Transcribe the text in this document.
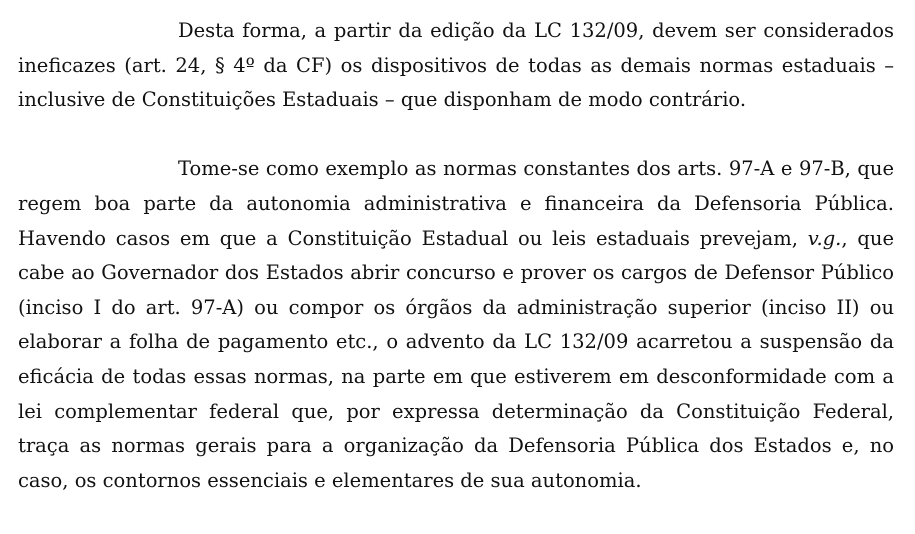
Desta forma, a partir da edição da LC 132/09, devem ser considerados ineficazes (art. 24, § 4º da CF) os dispositivos de todas as demais normas estaduais – inclusive de Constituições Estaduais – que disponham de modo contrário.

Tome-se como exemplo as normas constantes dos arts. 97-A e 97-B, que regem boa parte da autonomia administrativa e financeira da Defensoria Pública. Havendo casos em que a Constituição Estadual ou leis estaduais prevejam, v.g., que cabe ao Governador dos Estados abrir concurso e prover os cargos de Defensor Público (inciso I do art. 97-A) ou compor os órgãos da administração superior (inciso II) ou elaborar a folha de pagamento etc., o advento da LC 132/09 acarretou a suspensão da eficácia de todas essas normas, na parte em que estiverem em desconformidade com a lei complementar federal que, por expressa determinação da Constituição Federal, traça as normas gerais para a organização da Defensoria Pública dos Estados e, no caso, os contornos essenciais e elementares de sua autonomia.
